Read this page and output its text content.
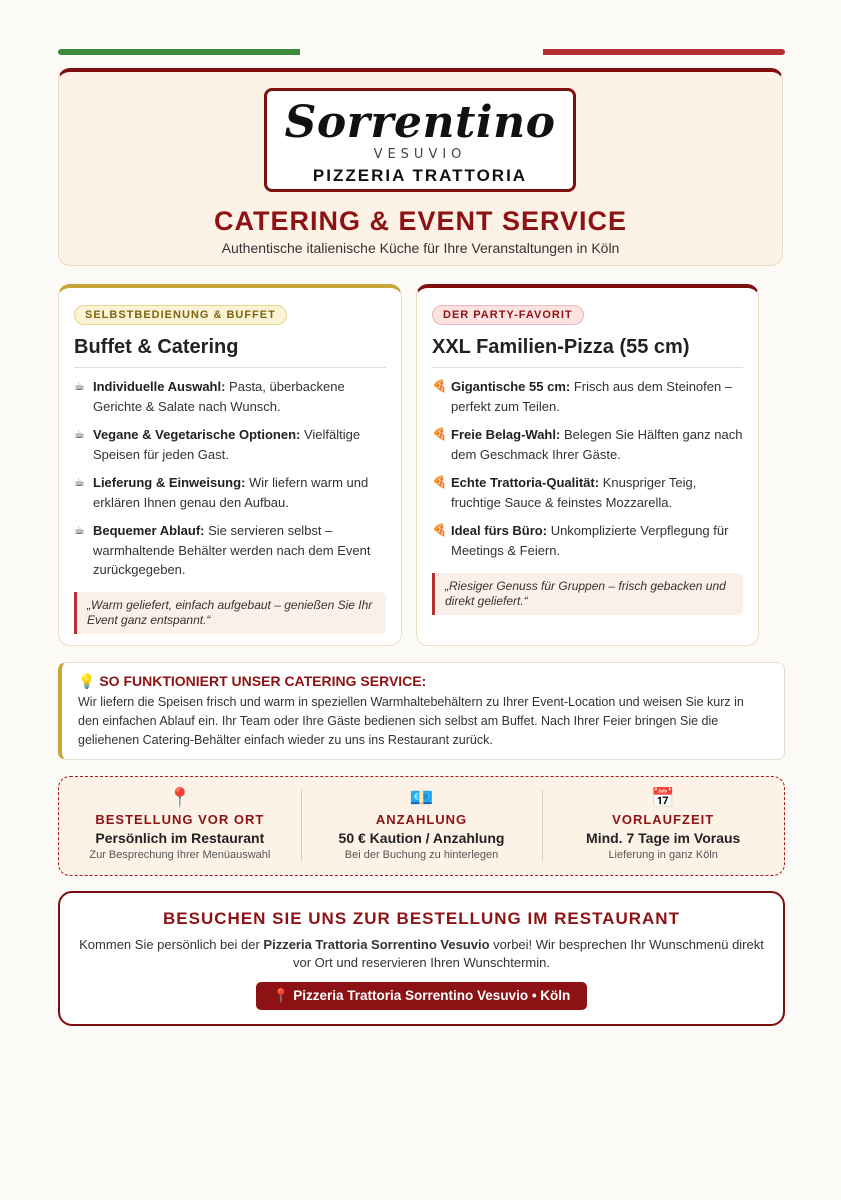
Sorrentino
VESUVIO
PIZZERIA TRATTORIA
CATERING & EVENT SERVICE
Authentische italienische Küche für Ihre Veranstaltungen in Köln
SELBSTBEDIENUNG & BUFFET
Buffet & Catering
☕ Individuelle Auswahl: Pasta, überbackene Gerichte & Salate nach Wunsch.
☕ Vegane & Vegetarische Optionen: Vielfältige Speisen für jeden Gast.
☕ Lieferung & Einweisung: Wir liefern warm und erklären Ihnen genau den Aufbau.
☕ Bequemer Ablauf: Sie servieren selbst – warmhaltende Behälter werden nach dem Event zurückgegeben.
„Warm geliefert, einfach aufgebaut – genießen Sie Ihr Event ganz entspannt.“
DER PARTY-FAVORIT
XXL Familien-Pizza (55 cm)
🍕 Gigantische 55 cm: Frisch aus dem Steinofen – perfekt zum Teilen.
🍕 Freie Belag-Wahl: Belegen Sie Hälften ganz nach dem Geschmack Ihrer Gäste.
🍕 Echte Trattoria-Qualität: Knuspriger Teig, fruchtige Sauce & feinstes Mozzarella.
🍕 Ideal fürs Büro: Unkomplizierte Verpflegung für Meetings & Feiern.
„Riesiger Genuss für Gruppen – frisch gebacken und direkt geliefert.“
💡 SO FUNKTIONIERT UNSER CATERING SERVICE:
Wir liefern die Speisen frisch und warm in speziellen Warmhaltebehältern zu Ihrer Event-Location und weisen Sie kurz in den einfachen Ablauf ein. Ihr Team oder Ihre Gäste bedienen sich selbst am Buffet. Nach Ihrer Feier bringen Sie die geliehenen Catering-Behälter einfach wieder zu uns ins Restaurant zurück.
📍
BESTELLUNG VOR ORT
Persönlich im Restaurant
Zur Besprechung Ihrer Menüauswahl
💶
ANZAHLUNG
50 € Kaution / Anzahlung
Bei der Buchung zu hinterlegen
📅
VORLAUFZEIT
Mind. 7 Tage im Voraus
Lieferung in ganz Köln
BESUCHEN SIE UNS ZUR BESTELLUNG IM RESTAURANT
Kommen Sie persönlich bei der Pizzeria Trattoria Sorrentino Vesuvio vorbei! Wir besprechen Ihr Wunschmenü direkt vor Ort und reservieren Ihren Wunschtermin.
📍 Pizzeria Trattoria Sorrentino Vesuvio • Köln
